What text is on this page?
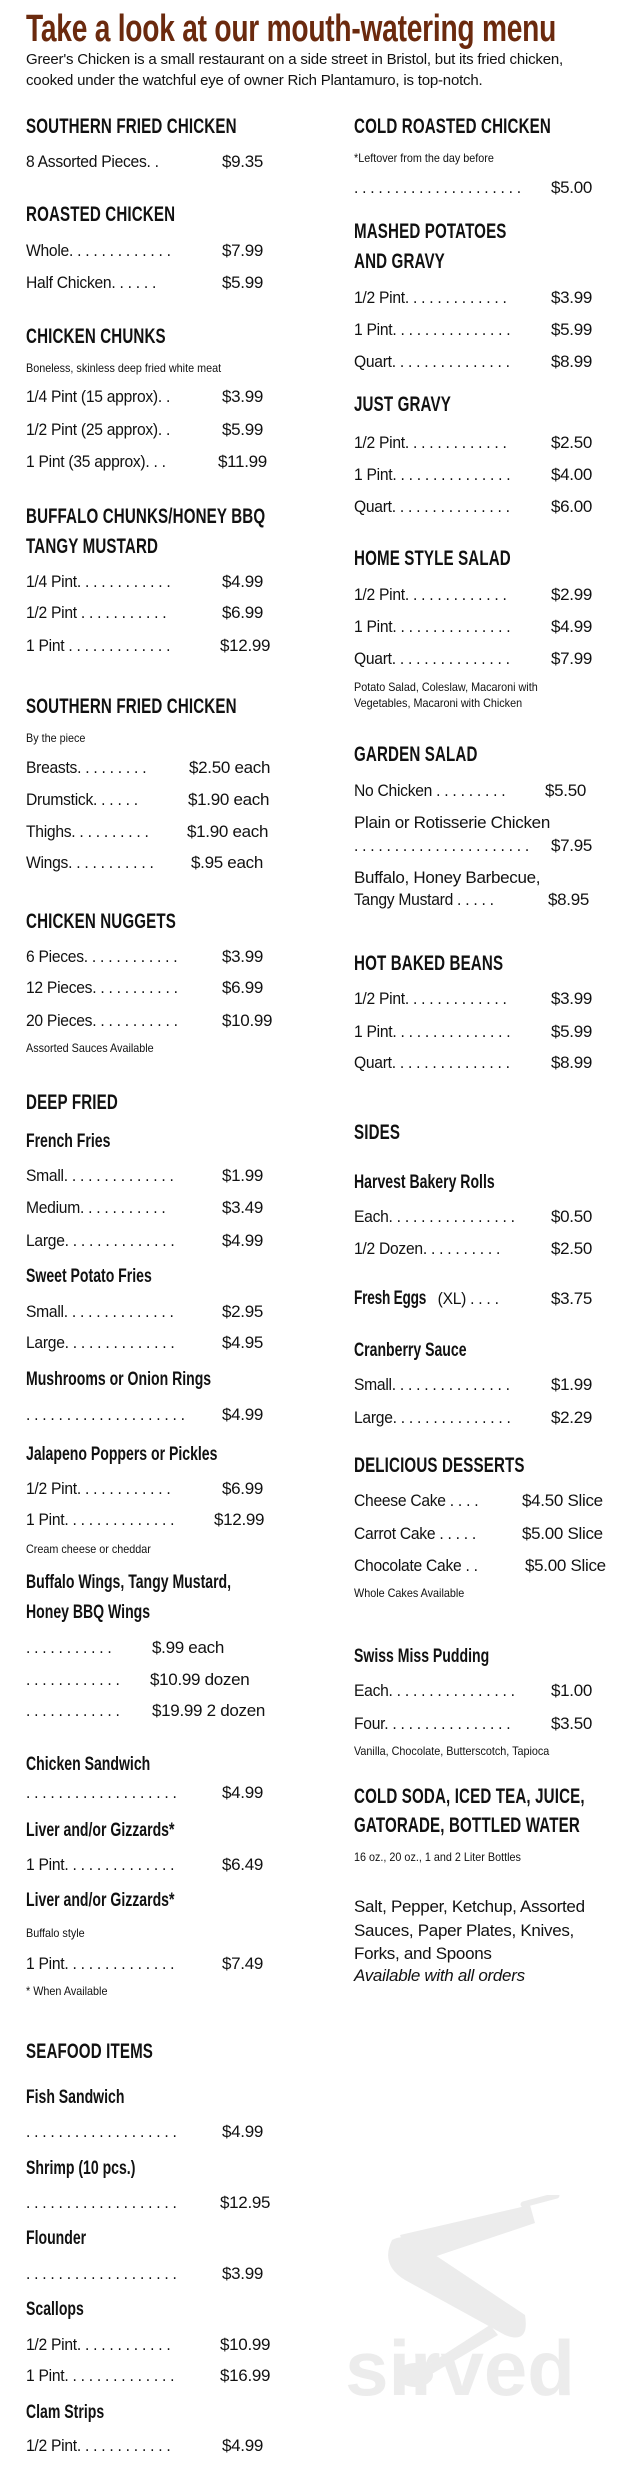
Take a look at our mouth-watering menu
Greer's Chicken is a small restaurant on a side street in Bristol, but its fried chicken,
cooked under the watchful eye of owner Rich Plantamuro, is top-notch.
SOUTHERN FRIED CHICKEN
8 Assorted Pieces. .	$9.35
ROASTED CHICKEN
Whole. . . . . . . . . . . . .	$7.99
Half Chicken. . . . . .	$5.99
CHICKEN CHUNKS
Boneless, skinless deep fried white meat
1/4 Pint (15 approx). .	$3.99
1/2 Pint (25 approx). .	$5.99
1 Pint (35 approx). . .	$11.99
BUFFALO CHUNKS/HONEY BBQ
TANGY MUSTARD
1/4 Pint. . . . . . . . . . . .	$4.99
1/2 Pint . . . . . . . . . . .	$6.99
1 Pint . . . . . . . . . . . . .	$12.99
SOUTHERN FRIED CHICKEN
By the piece
Breasts. . . . . . . . .	$2.50 each
Drumstick. . . . . .	$1.90 each
Thighs. . . . . . . . . . $1.90 each
Wings. . . . . . . . . . . $.95 each
CHICKEN NUGGETS
6 Pieces. . . . . . . . . . . .	$3.99
12 Pieces. . . . . . . . . . .	$6.99
20 Pieces. . . . . . . . . . .	$10.99
Assorted Sauces Available
DEEP FRIED
French Fries
Small. . . . . . . . . . . . . .	$1.99
Medium. . . . . . . . . . .	$3.49
Large. . . . . . . . . . . . . .	$4.99
Sweet Potato Fries
Small. . . . . . . . . . . . . .	$2.95
Large. . . . . . . . . . . . . .	$4.95
Mushrooms or Onion Rings
. . . . . . . . . . . . . . . . . . . . $4.99
Jalapeno Poppers or Pickles
1/2 Pint. . . . . . . . . . . .	$6.99
1 Pint. . . . . . . . . . . . . . $12.99
Cream cheese or cheddar
Buffalo Wings, Tangy Mustard,
Honey BBQ Wings
. . . . . . . . . . . $.99 each
. . . . . . . . . . . . $10.99 dozen
. . . . . . . . . . . . $19.99 2 dozen
Chicken Sandwich
. . . . . . . . . . . . . . . . . . .	$4.99
Liver and/or Gizzards*
1 Pint. . . . . . . . . . . . . .	$6.49
Liver and/or Gizzards*
Buffalo style
1 Pint. . . . . . . . . . . . . .	$7.49
* When Available
SEAFOOD ITEMS
Fish Sandwich
. . . . . . . . . . . . . . . . . . .	$4.99
Shrimp (10 pcs.)
. . . . . . . . . . . . . . . . . . .	$12.95
Flounder
. . . . . . . . . . . . . . . . . . .	$3.99
Scallops
1/2 Pint. . . . . . . . . . . .	$10.99
1 Pint. . . . . . . . . . . . . .	$16.99
Clam Strips
1/2 Pint. . . . . . . . . . . .	$4.99
COLD ROASTED CHICKEN
*Leftover from the day before
. . . . . . . . . . . . . . . . . . . . . $5.00
MASHED POTATOES
AND GRAVY
1/2 Pint. . . . . . . . . . . . .	$3.99
1 Pint. . . . . . . . . . . . . . . $5.99
Quart. . . . . . . . . . . . . . . $8.99
JUST GRAVY
1/2 Pint. . . . . . . . . . . . .	$2.50
1 Pint. . . . . . . . . . . . . . . $4.00
Quart. . . . . . . . . . . . . . . $6.00
HOME STYLE SALAD
1/2 Pint. . . . . . . . . . . . .	$2.99
1 Pint. . . . . . . . . . . . . . . $4.99
Quart. . . . . . . . . . . . . . . $7.99
Potato Salad, Coleslaw, Macaroni with
Vegetables, Macaroni with Chicken
GARDEN SALAD
No Chicken . . . . . . . . . $5.50
Plain or Rotisserie Chicken
. . . . . . . . . . . . . . . . . . . . . . $7.95
Buffalo, Honey Barbecue,
Tangy Mustard . . . . .	$8.95
HOT BAKED BEANS
1/2 Pint. . . . . . . . . . . . .	$3.99
1 Pint. . . . . . . . . . . . . . . $5.99
Quart. . . . . . . . . . . . . . . $8.99
SIDES
Harvest Bakery Rolls
Each. . . . . . . . . . . . . . . . $0.50
1/2 Dozen. . . . . . . . . .	$2.50
Fresh Eggs (XL) . . . .	$3.75
Cranberry Sauce
Small. . . . . . . . . . . . . . . $1.99
Large. . . . . . . . . . . . . . . $2.29
DELICIOUS DESSERTS
Cheese Cake . . . .	$4.50 Slice
Carrot Cake . . . . .	$5.00 Slice
Chocolate Cake . .	$5.00 Slice
Whole Cakes Available
Swiss Miss Pudding
Each. . . . . . . . . . . . . . . . $1.00
Four. . . . . . . . . . . . . . . . $3.50
Vanilla, Chocolate, Butterscotch, Tapioca
COLD SODA, ICED TEA, JUICE,
GATORADE, BOTTLED WATER
16 oz., 20 oz., 1 and 2 Liter Bottles
Salt, Pepper, Ketchup, Assorted
Sauces, Paper Plates, Knives,
Forks, and Spoons
Available with all orders
sirved
